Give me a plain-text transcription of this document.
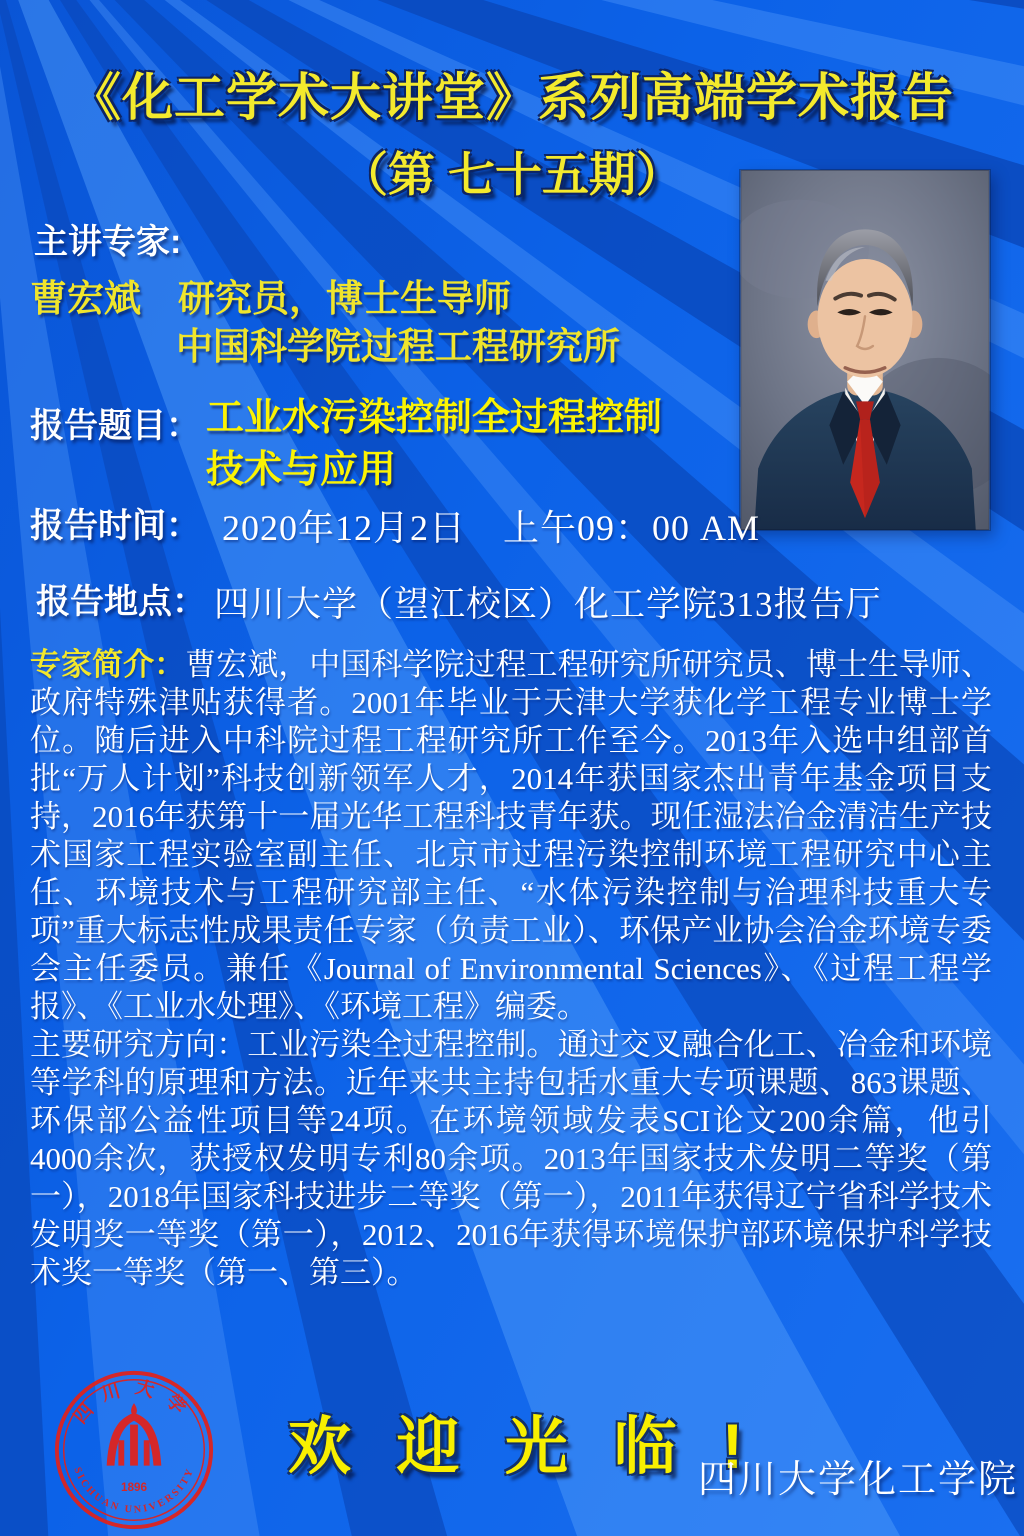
《化工学术大讲堂》系列高端学术报告
（第 七十五期）
主讲专家:
曹宏斌　研究员，博士生导师
中国科学院过程工程研究所
报告题目： 工业水污染控制全过程控制
技术与应用
报告时间： 2020年12月2日　上午09：00 AM
报告地点： 四川大学（望江校区）化工学院313报告厅

专家简介：曹宏斌，中国科学院过程工程研究所研究员、博士生导师、政府特殊津贴获得者。2001年毕业于天津大学获化学工程专业博士学位。随后进入中科院过程工程研究所工作至今。2013年入选中组部首批“万人计划”科技创新领军人才，2014年获国家杰出青年基金项目支持，2016年获第十一届光华工程科技青年获。现任湿法冶金清洁生产技术国家工程实验室副主任、北京市过程污染控制环境工程研究中心主任、环境技术与工程研究部主任、“水体污染控制与治理科技重大专项”重大标志性成果责任专家（负责工业）、环保产业协会冶金环境专委会主任委员。兼任《Journal of Environmental Sciences》、《过程工程学报》、《工业水处理》、《环境工程》编委。

主要研究方向：工业污染全过程控制。通过交叉融合化工、冶金和环境等学科的原理和方法。近年来共主持包括水重大专项课题、863课题、环保部公益性项目等24项。在环境领域发表SCI论文200余篇，他引4000余次，获授权发明专利80余项。2013年国家技术发明二等奖（第一），2018年国家科技进步二等奖（第一），2011年获得辽宁省科学技术发明奖一等奖（第一），2012、2016年获得环境保护部环境保护科学技术奖一等奖（第一、第三）。

四川大学
SICHUAN UNIVERSITY
1896
欢 迎 光 临 !
四川大学化工学院
